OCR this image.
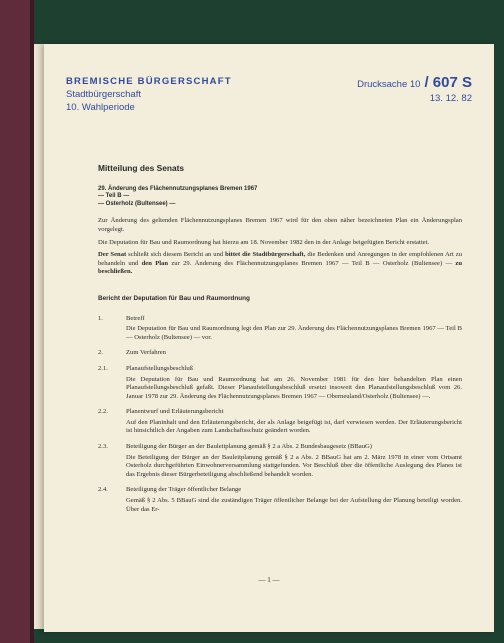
BREMISCHE BÜRGERSCHAFT
Stadtbürgerschaft
10. Wahlperiode
Drucksache 10 / 607 S
13. 12. 82
Mitteilung des Senats
29. Änderung des Flächennutzungsplanes Bremen 1967
— Teil B —
— Osterholz (Bultensee) —
Zur Änderung des geltenden Flächennutzungsplanes Bremen 1967 wird für den oben näher bezeichneten Plan ein Änderungsplan vorgelegt.
Die Deputation für Bau und Raumordnung hat hierzu am 18. November 1982 den in der Anlage beigefügten Bericht erstattet.
Der Senat schließt sich diesem Bericht an und bittet die Stadtbürgerschaft, die Bedenken und Anregungen in der empfohlenen Art zu behandeln und den Plan zur 29. Änderung des Flächennutzungsplanes Bremen 1967 — Teil B — Osterholz (Bultensee) — zu beschließen.
Bericht der Deputation für Bau und Raumordnung
1.	Betreff
Die Deputation für Bau und Raumordnung legt den Plan zur 29. Änderung des Flächennutzungsplanes Bremen 1967 — Teil B — Osterholz (Bultensee) — vor.
2.	Zum Verfahren
2.1.	Planaufstellungsbeschluß
Die Deputation für Bau und Raumordnung hat am 26. November 1981 für den hier behandelten Plan einen Planaufstellungsbeschluß gefaßt. Dieser Planaufstellungsbeschluß ersetzt insoweit den Planaufstellungsbeschluß vom 26. Januar 1978 zur 29. Änderung des Flächennutzungsplanes Bremen 1967 — Oberneuland/Osterholz (Bultensee) —.
2.2.	Planentwurf und Erläuterungsbericht
Auf den Planinhalt und den Erläuterungsbericht, der als Anlage beigefügt ist, darf verwiesen werden. Der Erläuterungsbericht ist hinsichtlich der Angaben zum Landschaftsschutz geändert worden.
2.3.	Beteiligung der Bürger an der Bauleitplanung gemäß § 2 a Abs. 2 Bundesbaugesetz (BBauG)
Die Beteiligung der Bürger an der Bauleitplanung gemäß § 2 a Abs. 2 BBauG hat am 2. März 1978 in einer vom Ortsamt Osterholz durchgeführten Einwohnerversammlung stattgefunden. Vor Beschluß über die öffentliche Auslegung des Planes ist das Ergebnis dieser Bürgerbeteiligung abschließend behandelt worden.
2.4.	Beteiligung der Träger öffentlicher Belange
Gemäß § 2 Abs. 5 BBauG sind die zuständigen Träger öffentlicher Belange bei der Aufstellung der Planung beteiligt worden. Über das Er-
— 1 —
